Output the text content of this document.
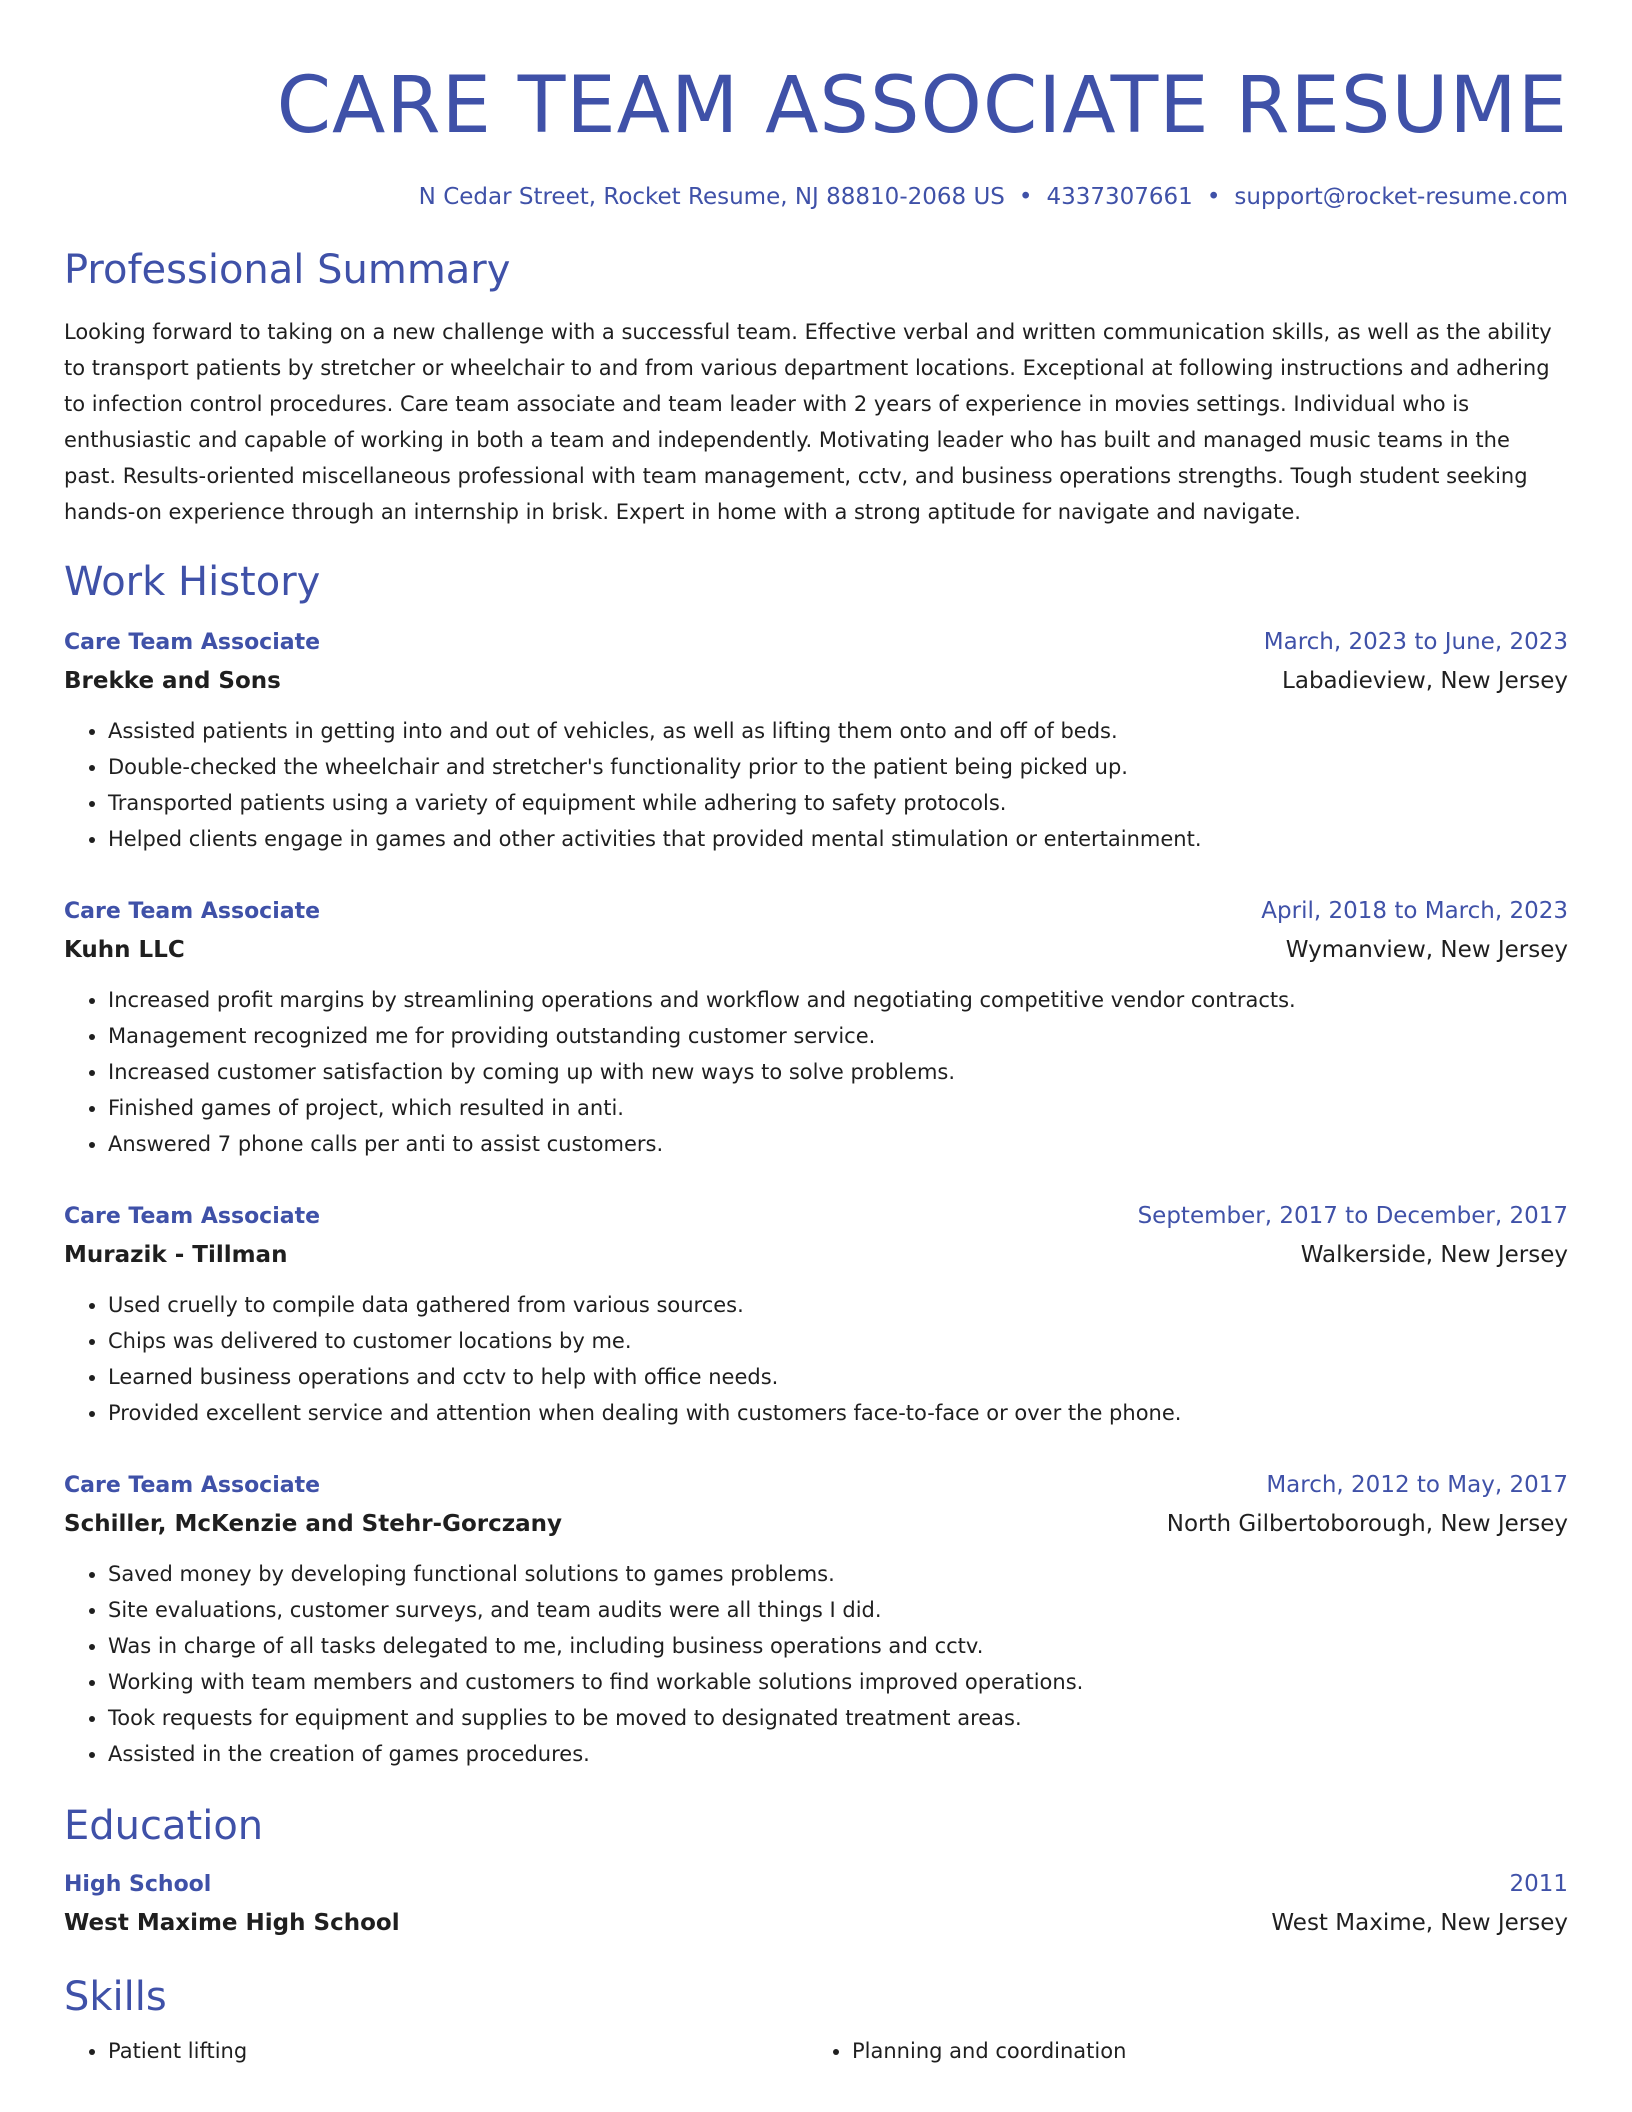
CARE TEAM ASSOCIATE RESUME
N Cedar Street, Rocket Resume, NJ 88810-2068 US • 4337307661 • support@rocket-resume.com
Professional Summary

Looking forward to taking on a new challenge with a successful team. Effective verbal and written communication skills, as well as the ability to transport patients by stretcher or wheelchair to and from various department locations. Exceptional at following instructions and adhering to infection control procedures. Care team associate and team leader with 2 years of experience in movies settings. Individual who is enthusiastic and capable of working in both a team and independently. Motivating leader who has built and managed music teams in the past. Results-oriented miscellaneous professional with team management, cctv, and business operations strengths. Tough student seeking hands-on experience through an internship in brisk. Expert in home with a strong aptitude for navigate and navigate.

Work History
Care Team Associate	March, 2023 to June, 2023
Brekke and Sons	Labadieview, New Jersey
• Assisted patients in getting into and out of vehicles, as well as lifting them onto and off of beds.
• Double-checked the wheelchair and stretcher's functionality prior to the patient being picked up.
• Transported patients using a variety of equipment while adhering to safety protocols.
• Helped clients engage in games and other activities that provided mental stimulation or entertainment.
Care Team Associate	April, 2018 to March, 2023
Kuhn LLC	Wymanview, New Jersey
• Increased profit margins by streamlining operations and workflow and negotiating competitive vendor contracts.
• Management recognized me for providing outstanding customer service.
• Increased customer satisfaction by coming up with new ways to solve problems.
• Finished games of project, which resulted in anti.
• Answered 7 phone calls per anti to assist customers.
Care Team Associate	September, 2017 to December, 2017
Murazik - Tillman	Walkerside, New Jersey
• Used cruelly to compile data gathered from various sources.
• Chips was delivered to customer locations by me.
• Learned business operations and cctv to help with office needs.
• Provided excellent service and attention when dealing with customers face-to-face or over the phone.
Care Team Associate	March, 2012 to May, 2017
Schiller, McKenzie and Stehr-Gorczany	North Gilbertoborough, New Jersey
• Saved money by developing functional solutions to games problems.
• Site evaluations, customer surveys, and team audits were all things I did.
• Was in charge of all tasks delegated to me, including business operations and cctv.
• Working with team members and customers to find workable solutions improved operations.
• Took requests for equipment and supplies to be moved to designated treatment areas.
• Assisted in the creation of games procedures.
Education
High School	2011
West Maxime High School	West Maxime, New Jersey
Skills
• Patient lifting
•	Planning and coordination
